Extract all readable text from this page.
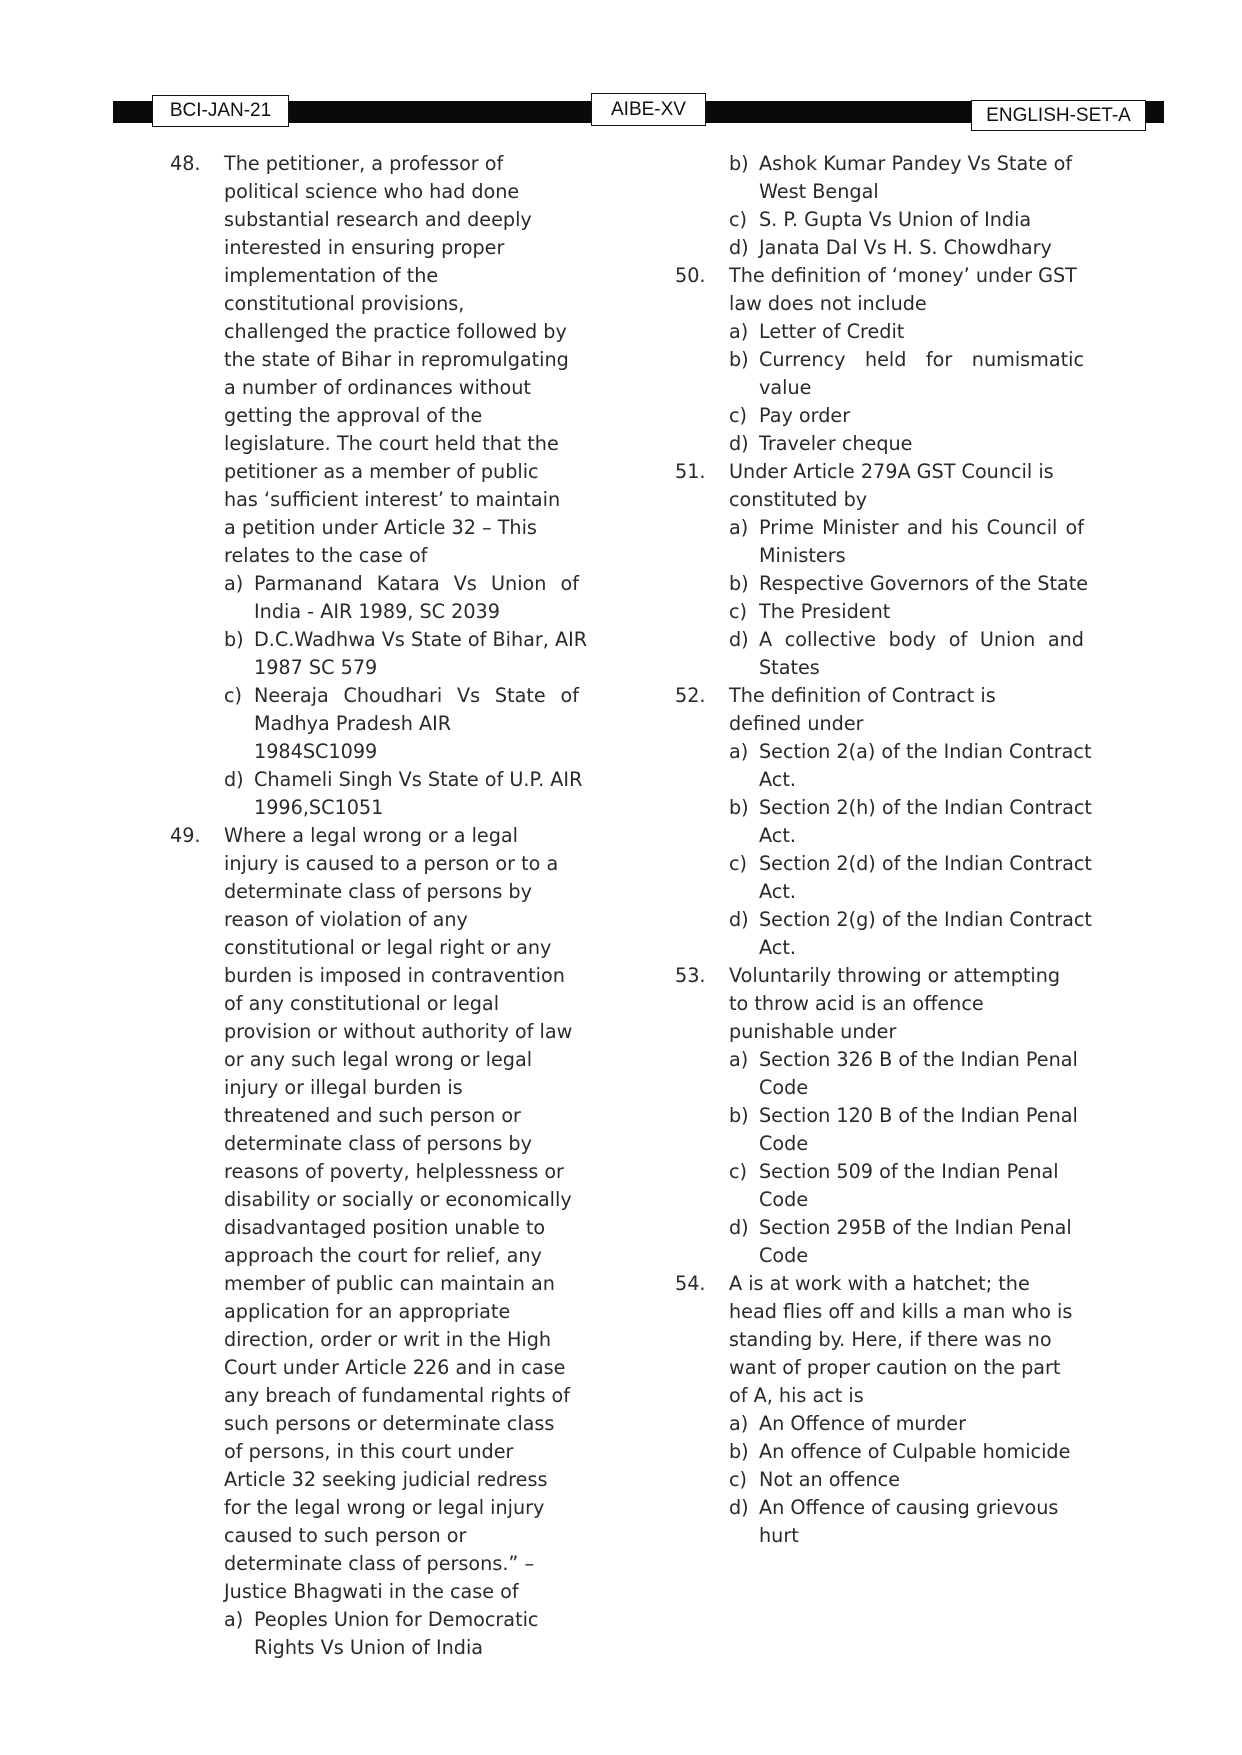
BCI-JAN-21	AIBE-XV	ENGLISH-SET-A
48. The petitioner, a professor of political science who had done substantial research and deeply interested in ensuring proper implementation of the constitutional provisions, challenged the practice followed by the state of Bihar in repromulgating a number of ordinances without getting the approval of the legislature. The court held that the petitioner as a member of public has ‘sufficient interest’ to maintain a petition under Article 32 – This relates to the case of
a) Parmanand Katara Vs Union of
India - AIR 1989, SC 2039
b) D.C.Wadhwa Vs State of Bihar, AIR
1987 SC 579
c) Neeraja Choudhari Vs State of
Madhya Pradesh AIR 1984SC1099
d) Chameli Singh Vs State of U.P. AIR
1996,SC1051
49. Where a legal wrong or a legal injury is caused to a person or to a determinate class of persons by reason of violation of any constitutional or legal right or any burden is imposed in contravention of any constitutional or legal provision or without authority of law or any such legal wrong or legal injury or illegal burden is threatened and such person or determinate class of persons by reasons of poverty, helplessness or disability or socially or economically disadvantaged position unable to approach the court for relief, any member of public can maintain an application for an appropriate direction, order or writ in the High Court under Article 226 and in case any breach of fundamental rights of such persons or determinate class of persons, in this court under Article 32 seeking judicial redress for the legal wrong or legal injury caused to such person or determinate class of persons.” – Justice Bhagwati in the case of
a) Peoples Union for Democratic
Rights Vs Union of India
b) Ashok Kumar Pandey Vs State of
West Bengal
c) S. P. Gupta Vs Union of India
d) Janata Dal Vs H. S. Chowdhary
50. The definition of ‘money’ under GST law does not include
a) Letter of Credit
b) Currency held for numismatic
value
c) Pay order
d) Traveler cheque
51. Under Article 279A GST Council is constituted by
a) Prime Minister and his Council of
Ministers
b) Respective Governors of the State
c) The President
d) A collective body of Union and
States
52. The definition of Contract is defined under
a) Section 2(a) of the Indian Contract
Act.
b) Section 2(h) of the Indian Contract
Act.
c) Section 2(d) of the Indian Contract
Act.
d) Section 2(g) of the Indian Contract
Act.
53. Voluntarily throwing or attempting to throw acid is an offence punishable under
a) Section 326 B of the Indian Penal
Code
b) Section 120 B of the Indian Penal
Code
c) Section 509 of the Indian Penal
Code
d) Section 295B of the Indian Penal
Code
54. A is at work with a hatchet; the head flies off and kills a man who is standing by. Here, if there was no want of proper caution on the part of A, his act is
a) An Offence of murder
b) An offence of Culpable homicide
c) Not an offence
d) An Offence of causing grievous
hurt
